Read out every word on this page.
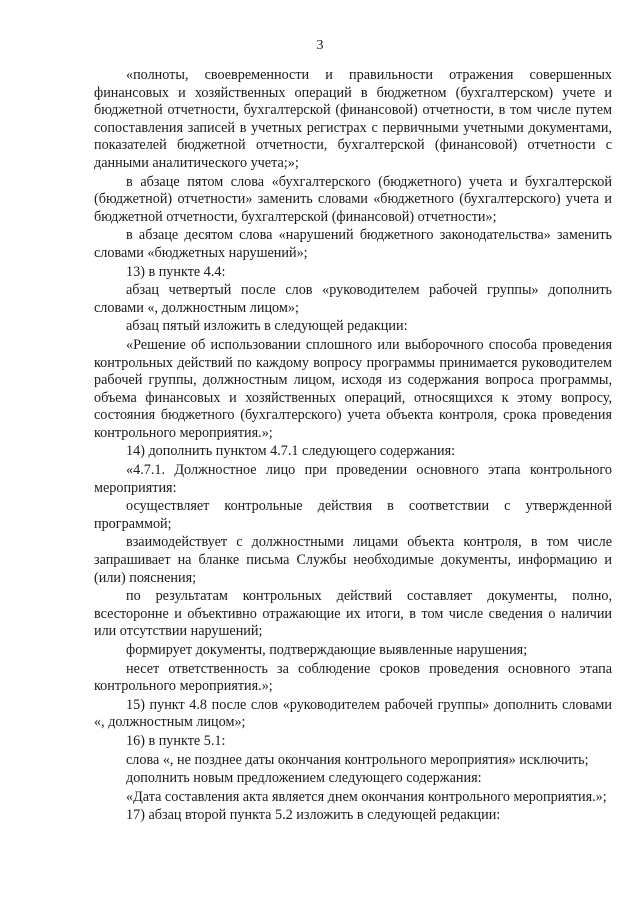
3

«полноты, своевременности и правильности отражения совершенных финансовых и хозяйственных операций в бюджетном (бухгалтерском) учете и бюджетной отчетности, бухгалтерской (финансовой) отчетности, в том числе путем сопоставления записей в учетных регистрах с первичными учетными документами, показателей бюджетной отчетности, бухгалтерской (финансовой) отчетности с данными аналитического учета;»;

в абзаце пятом слова «бухгалтерского (бюджетного) учета и бухгалтерской (бюджетной) отчетности» заменить словами «бюджетного (бухгалтерского) учета и бюджетной отчетности, бухгалтерской (финансовой) отчетности»;

в абзаце десятом слова «нарушений бюджетного законодательства» заменить словами «бюджетных нарушений»;

13) в пункте 4.4:

абзац четвертый после слов «руководителем рабочей группы» дополнить словами «, должностным лицом»;

абзац пятый изложить в следующей редакции:

«Решение об использовании сплошного или выборочного способа проведения контрольных действий по каждому вопросу программы принимается руководителем рабочей группы, должностным лицом, исходя из содержания вопроса программы, объема финансовых и хозяйственных операций, относящихся к этому вопросу, состояния бюджетного (бухгалтерского) учета объекта контроля, срока проведения контрольного мероприятия.»;

14) дополнить пунктом 4.7.1 следующего содержания:

«4.7.1. Должностное лицо при проведении основного этапа контрольного мероприятия:

осуществляет контрольные действия в соответствии с утвержденной программой;

взаимодействует с должностными лицами объекта контроля, в том числе запрашивает на бланке письма Службы необходимые документы, информацию и (или) пояснения;

по результатам контрольных действий составляет документы, полно, всесторонне и объективно отражающие их итоги, в том числе сведения о наличии или отсутствии нарушений;

формирует документы, подтверждающие выявленные нарушения;

несет ответственность за соблюдение сроков проведения основного этапа контрольного мероприятия.»;

15) пункт 4.8 после слов «руководителем рабочей группы» дополнить словами «, должностным лицом»;

16) в пункте 5.1:

слова «, не позднее даты окончания контрольного мероприятия» исключить;

дополнить новым предложением следующего содержания:

«Дата составления акта является днем окончания контрольного мероприятия.»;

17) абзац второй пункта 5.2 изложить в следующей редакции:
